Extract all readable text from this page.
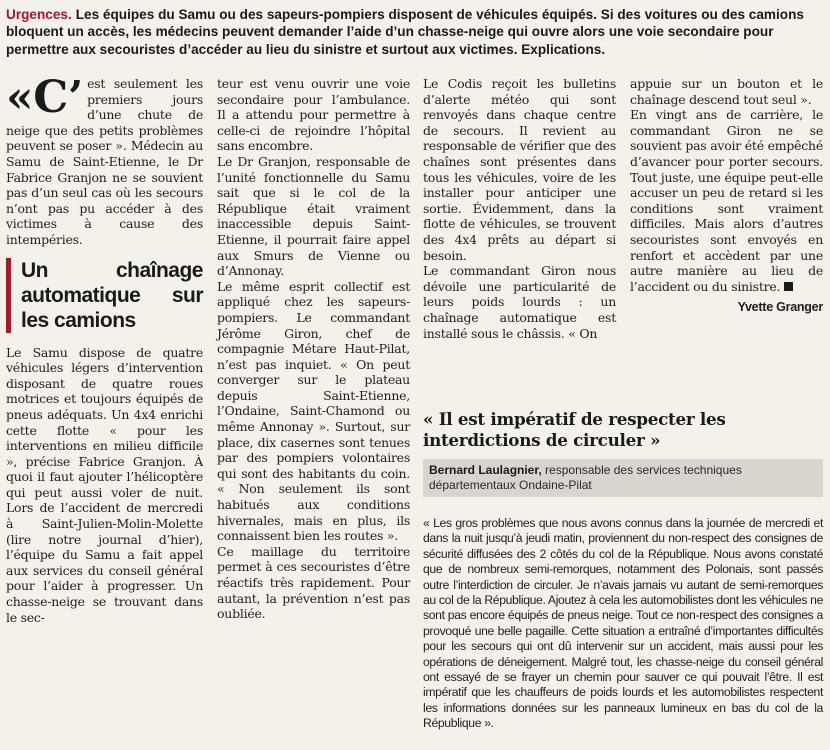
Urgences. Les équipes du Samu ou des sapeurs-pompiers disposent de véhicules équipés. Si des voitures ou des camions bloquent un accès, les médecins peuvent demander l’aide d’un chasse-neige qui ouvre alors une voie secondaire pour permettre aux secouristes d’accéder au lieu du sinistre et surtout aux victimes. Explications.

«C’ est seulement les premiers jours d’une chute de neige que des petits problèmes peuvent se poser ». Médecin au Samu de Saint-Etienne, le Dr Fabrice Granjon ne se souvient pas d’un seul cas où les secours n’ont pas pu accéder à des victimes à cause des intempéries.

Un chaînage automatique sur les camions

Le Samu dispose de quatre véhicules légers d’intervention disposant de quatre roues motrices et toujours équipés de pneus adéquats. Un 4x4 enrichi cette flotte « pour les interventions en milieu difficile », précise Fabrice Granjon. À quoi il faut ajouter l’hélicoptère qui peut aussi voler de nuit. Lors de l’accident de mercredi à Saint-Julien-Molin-Molette (lire notre journal d’hier), l’équipe du Samu a fait appel aux services du conseil général pour l’aider à progresser. Un chasse-neige se trouvant dans le sec-

teur est venu ouvrir une voie secondaire pour l’ambulance. Il a attendu pour permettre à celle-ci de rejoindre l’hôpital sans encombre.

Le Dr Granjon, responsable de l’unité fonctionnelle du Samu sait que si le col de la République était vraiment inaccessible depuis Saint-Etienne, il pourrait faire appel aux Smurs de Vienne ou d’Annonay.

Le même esprit collectif est appliqué chez les sapeurs-pompiers. Le commandant Jérôme Giron, chef de compagnie Métare Haut-Pilat, n’est pas inquiet. « On peut converger sur le plateau depuis Saint-Etienne, l’Ondaine, Saint-Chamond ou même Annonay ». Surtout, sur place, dix casernes sont tenues par des pompiers volontaires qui sont des habitants du coin. « Non seulement ils sont habitués aux conditions hivernales, mais en plus, ils connaissent bien les routes ».

Ce maillage du territoire permet à ces secouristes d’être réactifs très rapidement. Pour autant, la prévention n’est pas oubliée.

Le Codis reçoit les bulletins d’alerte météo qui sont renvoyés dans chaque centre de secours. Il revient au responsable de vérifier que des chaînes sont présentes dans tous les véhicules, voire de les installer pour anticiper une sortie. Évidemment, dans la flotte de véhicules, se trouvent des 4x4 prêts au départ si besoin.

Le commandant Giron nous dévoile une particularité de leurs poids lourds : un chaînage automatique est installé sous le châssis. « On

appuie sur un bouton et le chaînage descend tout seul ».

En vingt ans de carrière, le commandant Giron ne se souvient pas avoir été empêché d’avancer pour porter secours. Tout juste, une équipe peut-elle accuser un peu de retard si les conditions sont vraiment difficiles. Mais alors d’autres secouristes sont envoyés en renfort et accèdent par une autre manière au lieu de l’accident ou du sinistre.

Yvette Granger
« Il est impératif de respecter les interdictions de circuler »
Bernard Laulagnier, responsable des services techniques départementaux Ondaine-Pilat
« Les gros problèmes que nous avons connus dans la journée de mercredi et dans la nuit jusqu’à jeudi matin, proviennent du non-respect des consignes de sécurité diffusées des 2 côtés du col de la République. Nous avons constaté que de nombreux semi-remorques, notamment des Polonais, sont passés outre l’interdiction de circuler. Je n’avais jamais vu autant de semi-remorques au col de la République. Ajoutez à cela les automobilistes dont les véhicules ne sont pas encore équipés de pneus neige. Tout ce non-respect des consignes a provoqué une belle pagaille. Cette situation a entraîné d’importantes difficultés pour les secours qui ont dû intervenir sur un accident, mais aussi pour les opérations de déneigement. Malgré tout, les chasse-neige du conseil général ont essayé de se frayer un chemin pour sauver ce qui pouvait l’être. Il est impératif que les chauffeurs de poids lourds et les automobilistes respectent les informations données sur les panneaux lumineux en bas du col de la République ».
